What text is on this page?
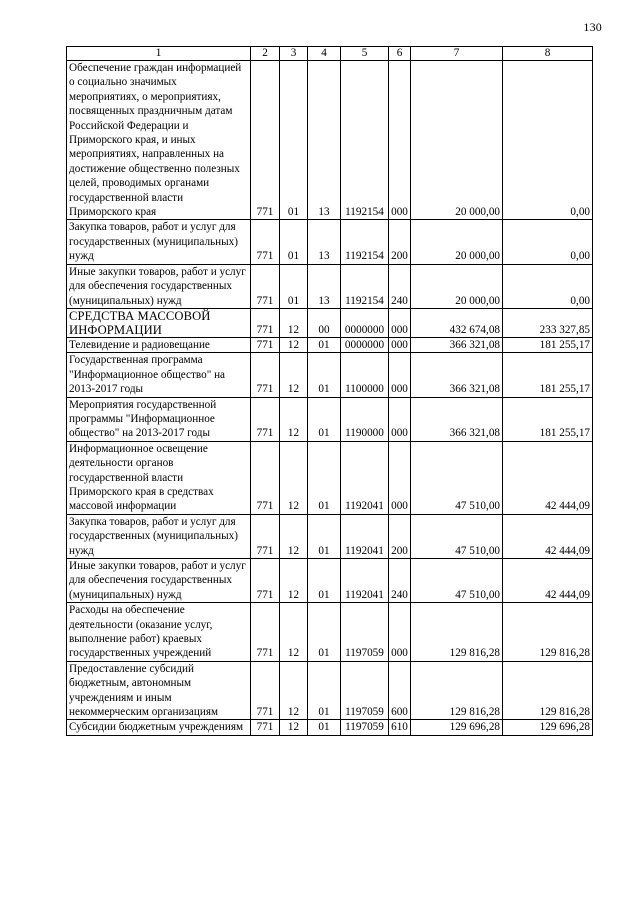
130
1	2	3	4	5	6	7	8
Обеспечение граждан информацией о социально значимых мероприятиях, о мероприятиях, посвященных праздничным датам Российской Федерации и Приморского края, и иных мероприятиях, направленных на достижение общественно полезных целей, проводимых органами государственной власти Приморского края	771	01	13	1192154	000	20 000,00	0,00
Закупка товаров, работ и услуг для государственных (муниципальных) нужд	771	01	13	1192154	200	20 000,00	0,00
Иные закупки товаров, работ и услуг для обеспечения государственных (муниципальных) нужд	771	01	13	1192154	240	20 000,00	0,00
СРЕДСТВА МАССОВОЙ ИНФОРМАЦИИ	771	12	00	0000000	000	432 674,08	233 327,85
Телевидение и радиовещание	771	12	01	0000000	000	366 321,08	181 255,17
Государственная программа "Информационное общество" на 2013-2017 годы	771	12	01	1100000	000	366 321,08	181 255,17
Мероприятия государственной программы "Информационное общество" на 2013-2017 годы	771	12	01	1190000	000	366 321,08	181 255,17
Информационное освещение деятельности органов государственной власти Приморского края в средствах массовой информации	771	12	01	1192041	000	47 510,00	42 444,09
Закупка товаров, работ и услуг для государственных (муниципальных) нужд	771	12	01	1192041	200	47 510,00	42 444,09
Иные закупки товаров, работ и услуг для обеспечения государственных (муниципальных) нужд	771	12	01	1192041	240	47 510,00	42 444,09
Расходы на обеспечение деятельности (оказание услуг, выполнение работ) краевых государственных учреждений	771	12	01	1197059	000	129 816,28	129 816,28
Предоставление субсидий бюджетным, автономным учреждениям и иным некоммерческим организациям	771	12	01	1197059	600	129 816,28	129 816,28
Субсидии бюджетным учреждениям	771	12	01	1197059	610	129 696,28	129 696,28
